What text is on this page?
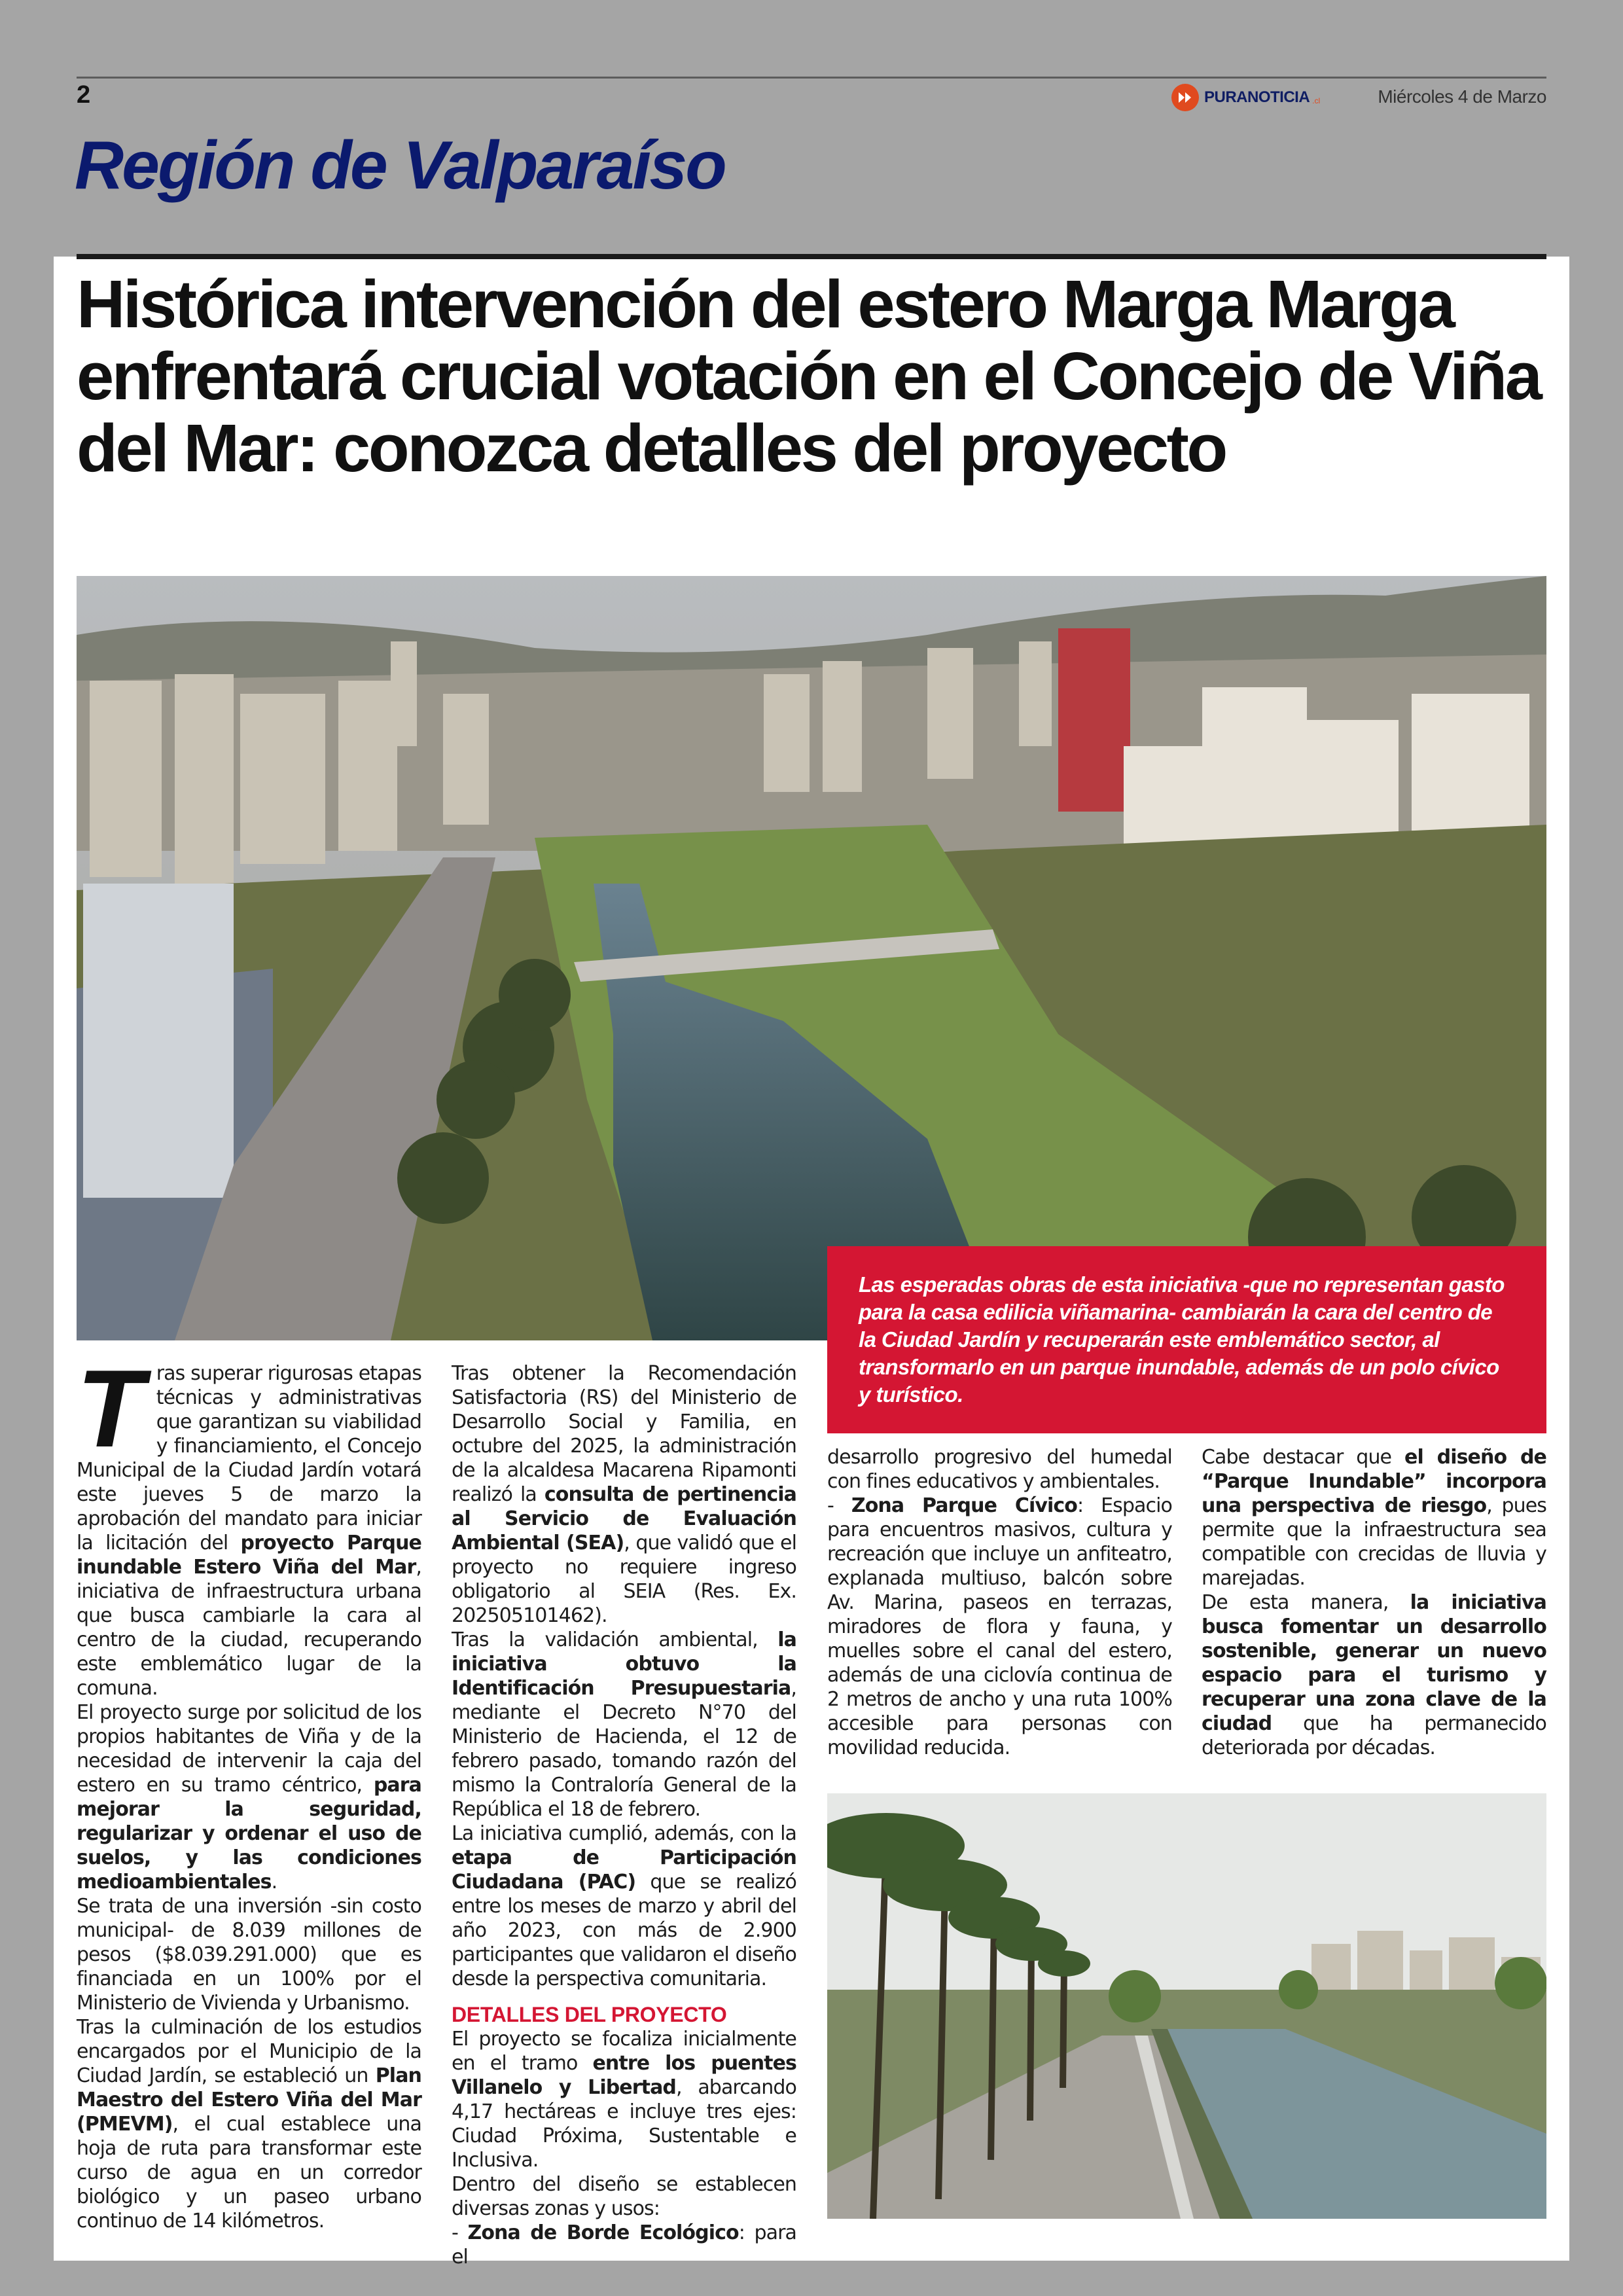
2	PURANOTICIA .cl	Miércoles 4 de Marzo
Región de Valparaíso
Histórica intervención del estero Marga Marga enfrentará crucial votación en el Concejo de Viña del Mar: conozca detalles del proyecto
Las esperadas obras de esta iniciativa -que no representan gasto para la casa edilicia viñamarina- cambiarán la cara del centro de la Ciudad Jardín y recuperarán este emblemático sector, al transformarlo en un parque inundable, además de un polo cívico y turístico.

Tras superar rigurosas etapas técnicas y administrativas que garantizan su viabilidad y financiamiento, el Concejo Municipal de la Ciudad Jardín votará este jueves 5 de marzo la aprobación del mandato para iniciar la licitación del proyecto Parque inundable Estero Viña del Mar, iniciativa de infraestructura urbana que busca cambiarle la cara al centro de la ciudad, recuperando este emblemático lugar de la comuna.

El proyecto surge por solicitud de los propios habitantes de Viña y de la necesidad de intervenir la caja del estero en su tramo céntrico, para mejorar la seguridad, regularizar y ordenar el uso de suelos, y las condiciones medioambientales.

Se trata de una inversión -sin costo municipal- de 8.039 millones de pesos ($8.039.291.000) que es financiada en un 100% por el Ministerio de Vivienda y Urbanismo.

Tras la culminación de los estudios encargados por el Municipio de la Ciudad Jardín, se estableció un Plan Maestro del Estero Viña del Mar (PMEVM), el cual establece una hoja de ruta para transformar este curso de agua en un corredor biológico y un paseo urbano continuo de 14 kilómetros.

Tras obtener la Recomendación Satisfactoria (RS) del Ministerio de Desarrollo Social y Familia, en octubre del 2025, la administración de la alcaldesa Macarena Ripamonti realizó la consulta de pertinencia al Servicio de Evaluación Ambiental (SEA), que validó que el proyecto no requiere ingreso obligatorio al SEIA (Res. Ex. 202505101462).

Tras la validación ambiental, la iniciativa obtuvo la Identificación Presupuestaria, mediante el Decreto N°70 del Ministerio de Hacienda, el 12 de febrero pasado, tomando razón del mismo la Contraloría General de la República el 18 de febrero.

La iniciativa cumplió, además, con la etapa de Participación Ciudadana (PAC) que se realizó entre los meses de marzo y abril del año 2023, con más de 2.900 participantes que validaron el diseño desde la perspectiva comunitaria.

DETALLES DEL PROYECTO

El proyecto se focaliza inicialmente en el tramo entre los puentes Villanelo y Libertad, abarcando 4,17 hectáreas e incluye tres ejes: Ciudad Próxima, Sustentable e Inclusiva.

Dentro del diseño se establecen diversas zonas y usos:

- Zona de Borde Ecológico: para el

desarrollo progresivo del humedal con fines educativos y ambientales.

- Zona Parque Cívico: Espacio para encuentros masivos, cultura y recreación que incluye un anfiteatro, explanada multiuso, balcón sobre Av. Marina, paseos en terrazas, miradores de flora y fauna, y muelles sobre el canal del estero, además de una ciclovía continua de 2 metros de ancho y una ruta 100% accesible para personas con movilidad reducida.

Cabe destacar que el diseño de “Parque Inundable” incorpora una perspectiva de riesgo, pues permite que la infraestructura sea compatible con crecidas de lluvia y marejadas.

De esta manera, la iniciativa busca fomentar un desarrollo sostenible, generar un nuevo espacio para el turismo y recuperar una zona clave de la ciudad que ha permanecido deteriorada por décadas.
